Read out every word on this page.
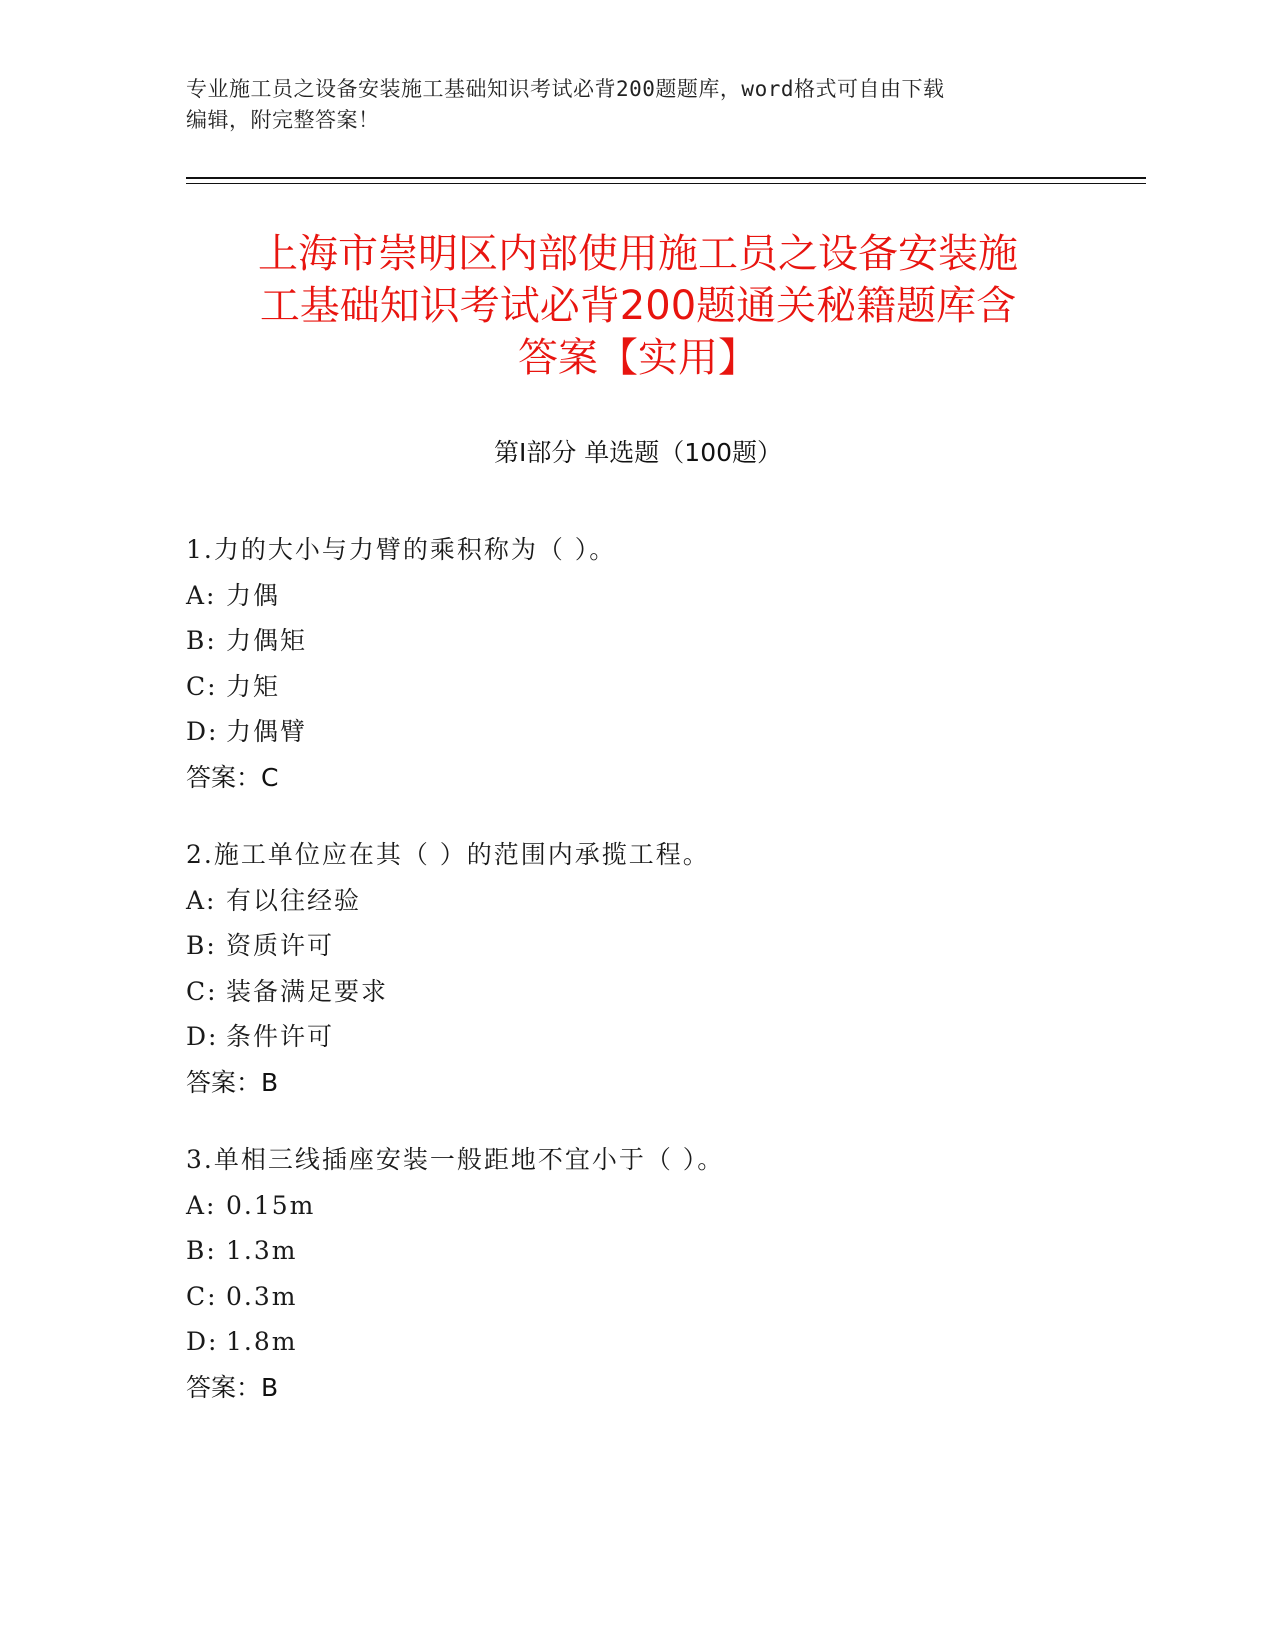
专业施工员之设备安装施工基础知识考试必背200题题库，word格式可自由下载
编辑，附完整答案！
上海市崇明区内部使用施工员之设备安装施
工基础知识考试必背200题通关秘籍题库含
答案【实用】
第Ⅰ部分 单选题（100题）
1.力的大小与力臂的乘积称为（ ）。
A: 力偶
B: 力偶矩
C: 力矩
D: 力偶臂
答案：C
2.施工单位应在其（ ）的范围内承揽工程。
A: 有以往经验
B: 资质许可
C: 装备满足要求
D: 条件许可
答案：B
3.单相三线插座安装一般距地不宜小于（ ）。
A: 0.15m
B: 1.3m
C: 0.3m
D: 1.8m
答案：B
